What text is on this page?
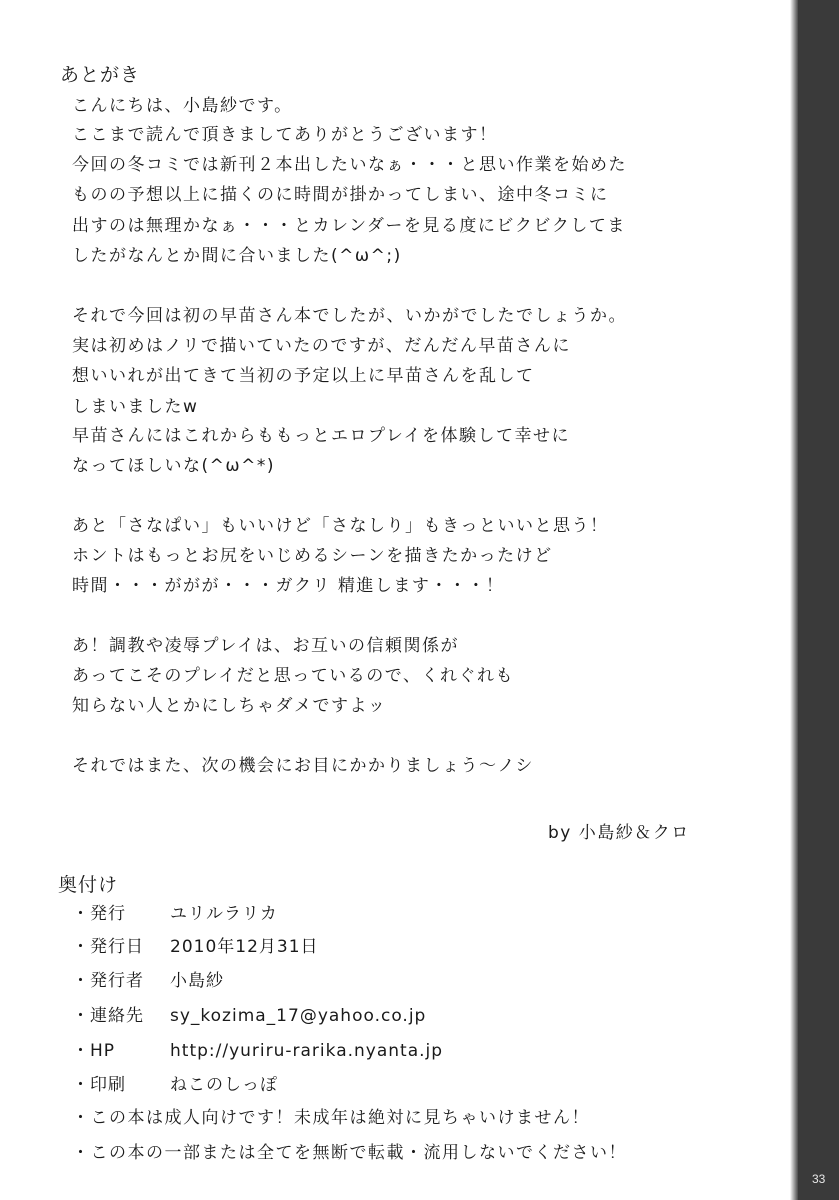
あとがき
こんにちは、小島紗です。
ここまで読んで頂きましてありがとうございます！
今回の冬コミでは新刊２本出したいなぁ・・・と思い作業を始めた
ものの予想以上に描くのに時間が掛かってしまい、途中冬コミに
出すのは無理かなぁ・・・とカレンダーを見る度にビクビクしてま
したがなんとか間に合いました(^ω^;)
それで今回は初の早苗さん本でしたが、いかがでしたでしょうか。
実は初めはノリで描いていたのですが、だんだん早苗さんに
想いいれが出てきて当初の予定以上に早苗さんを乱して
しまいましたw
早苗さんにはこれからももっとエロプレイを体験して幸せに
なってほしいな(^ω^*)
あと「さなぱい」もいいけど「さなしり」もきっといいと思う！
ホントはもっとお尻をいじめるシーンを描きたかったけど
時間・・・ががが・・・ガクリ 精進します・・・！
あ！調教や凌辱プレイは、お互いの信頼関係が
あってこそのプレイだと思っているので、くれぐれも
知らない人とかにしちゃダメですよッ
それではまた、次の機会にお目にかかりましょう～ノシ
by 小島紗＆クロ
奥付け
・発行	ユリルラリカ
・発行日 2010年12月31日
・発行者 小島紗
・連絡先 sy_kozima_17@yahoo.co.jp
・HP	http://yuriru-rarika.nyanta.jp
・印刷	ねこのしっぽ
・この本は成人向けです！未成年は絶対に見ちゃいけません！
・この本の一部または全てを無断で転載・流用しないでください！
33
